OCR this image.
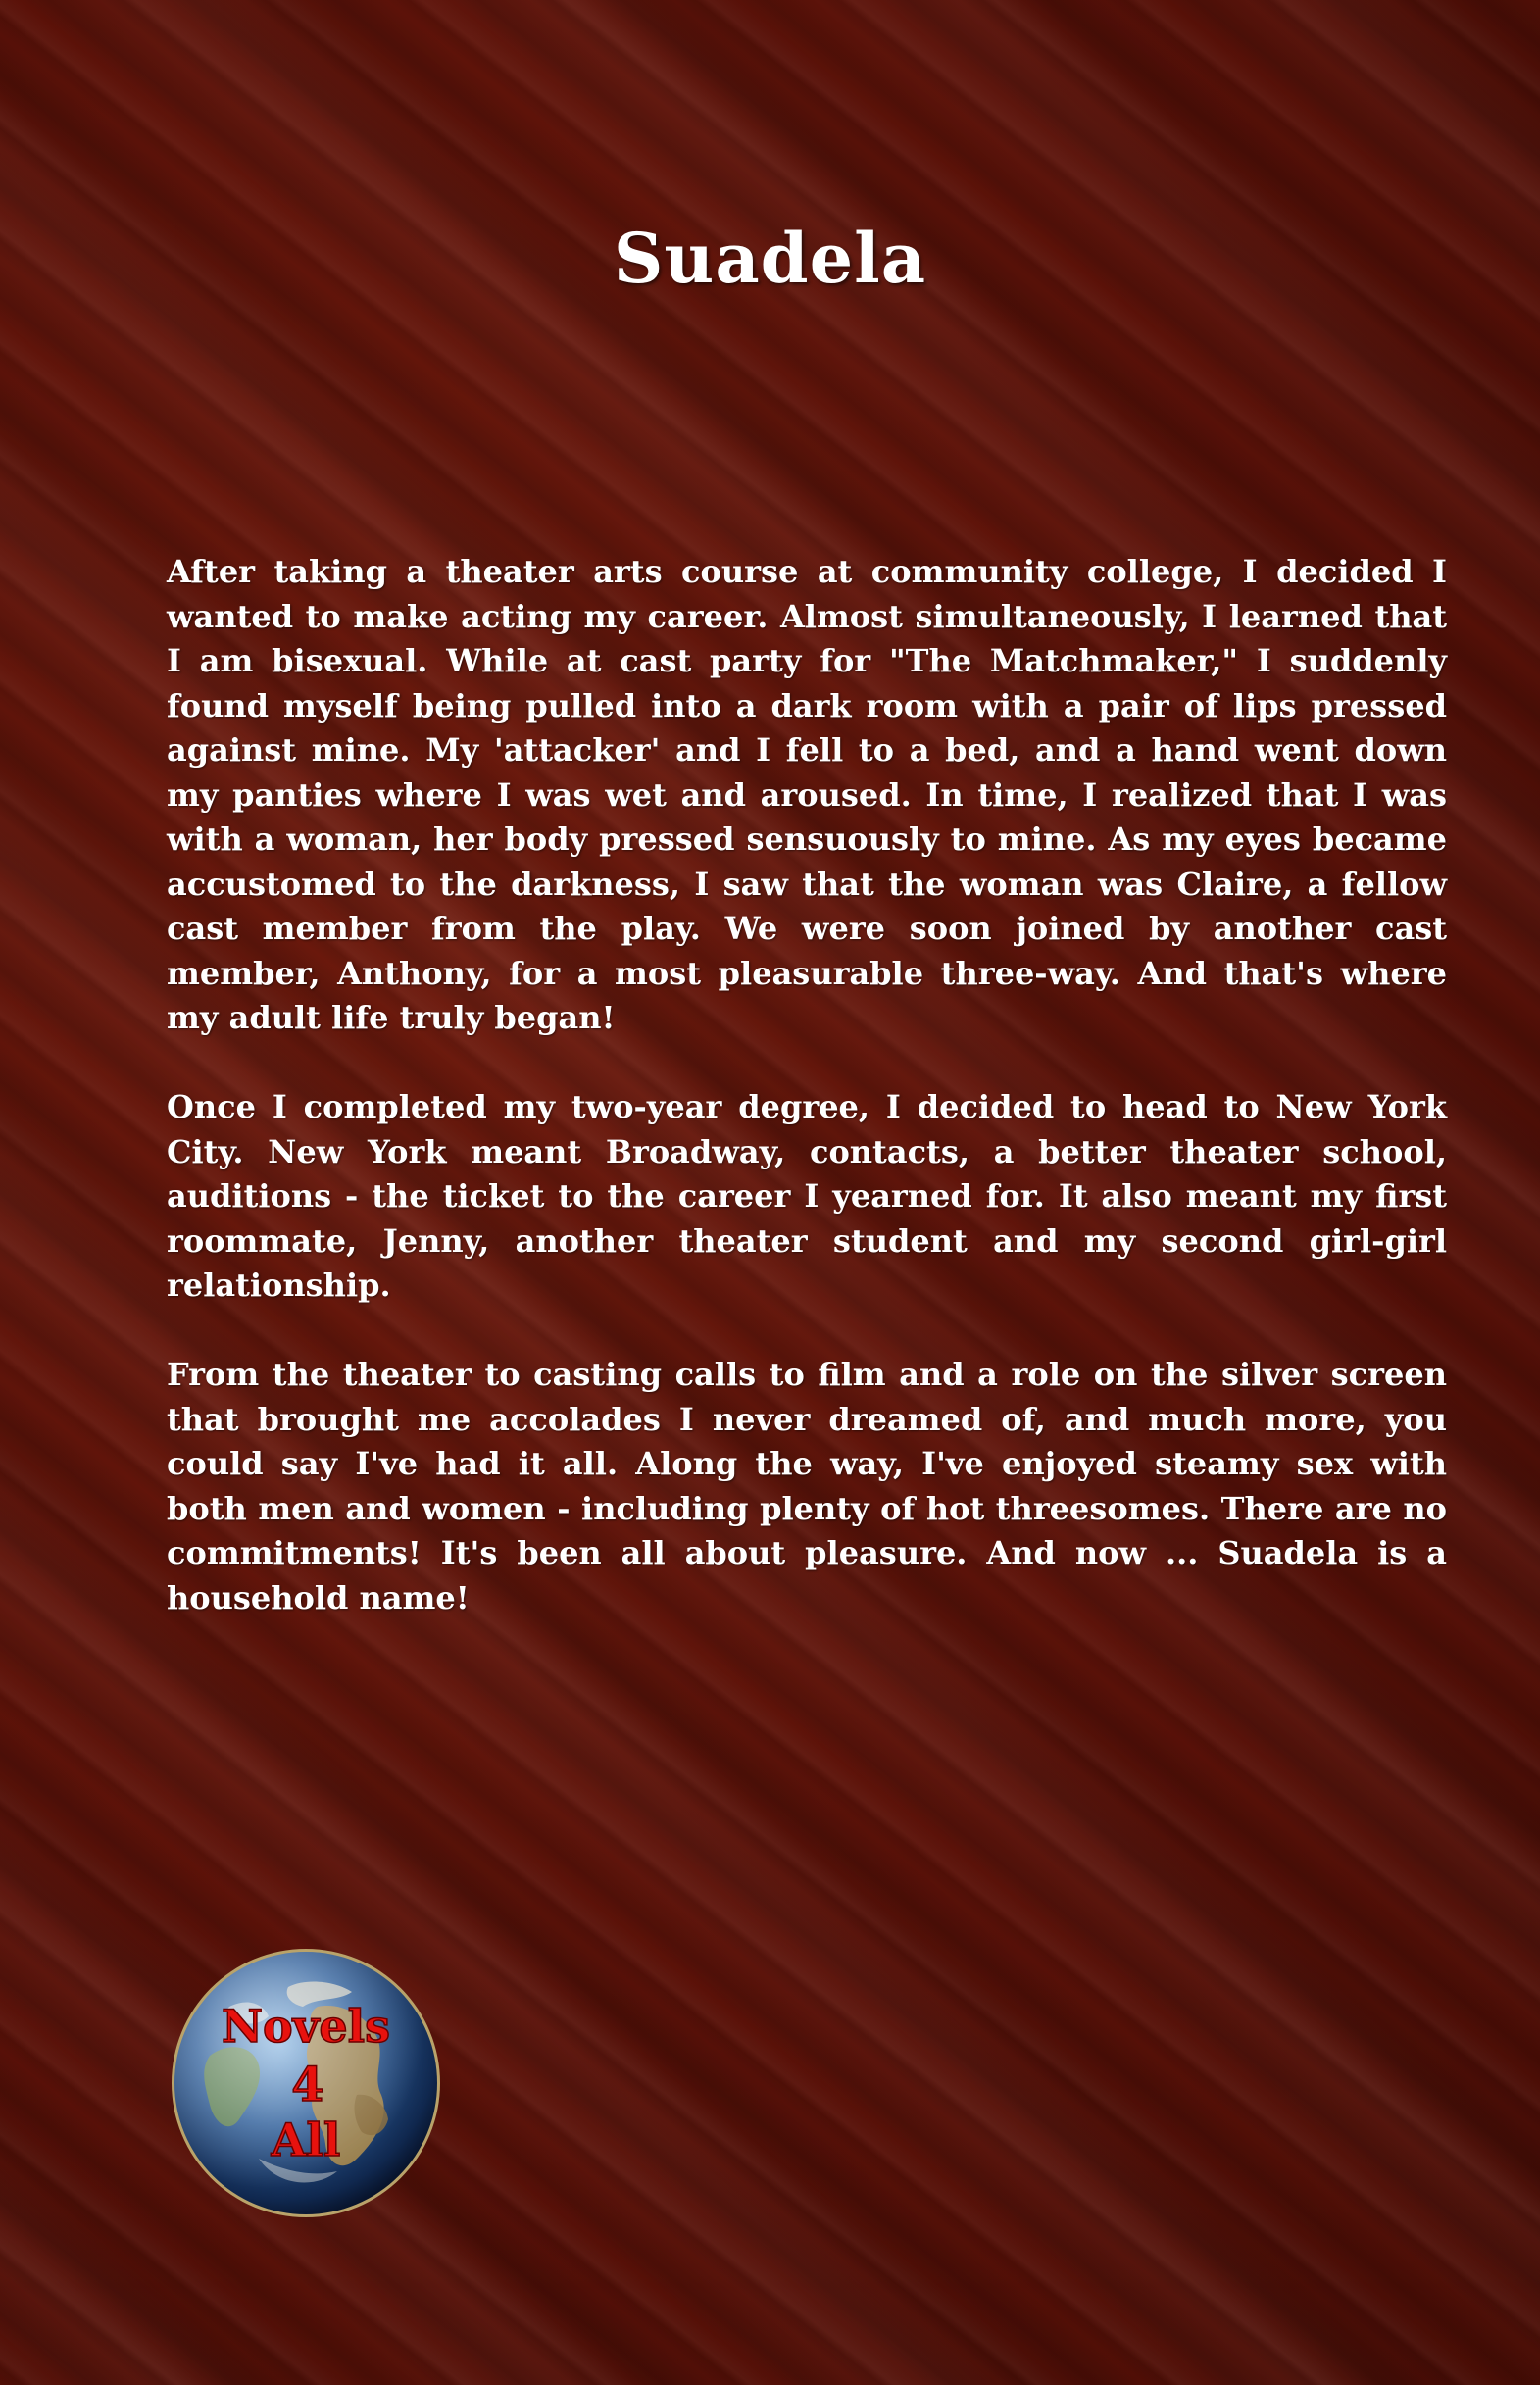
Suadela

After taking a theater arts course at community college, I decided I wanted to make acting my career. Almost simultaneously, I learned that I am bisexual. While at cast party for "The Matchmaker," I suddenly found myself being pulled into a dark room with a pair of lips pressed against mine. My 'attacker' and I fell to a bed, and a hand went down my panties where I was wet and aroused. In time, I realized that I was with a woman, her body pressed sensuously to mine. As my eyes became accustomed to the darkness, I saw that the woman was Claire, a fellow cast member from the play. We were soon joined by another cast member, Anthony, for a most pleasurable three-way. And that's where my adult life truly began!

Once I completed my two-year degree, I decided to head to New York City. New York meant Broadway, contacts, a better theater school, auditions - the ticket to the career I yearned for. It also meant my first roommate, Jenny, another theater student and my second girl-girl relationship.

From the theater to casting calls to film and a role on the silver screen that brought me accolades I never dreamed of, and much more, you could say I've had it all. Along the way, I've enjoyed steamy sex with both men and women - including plenty of hot threesomes. There are no commitments! It's been all about pleasure. And now ... Suadela is a household name!

Novels
4
All
